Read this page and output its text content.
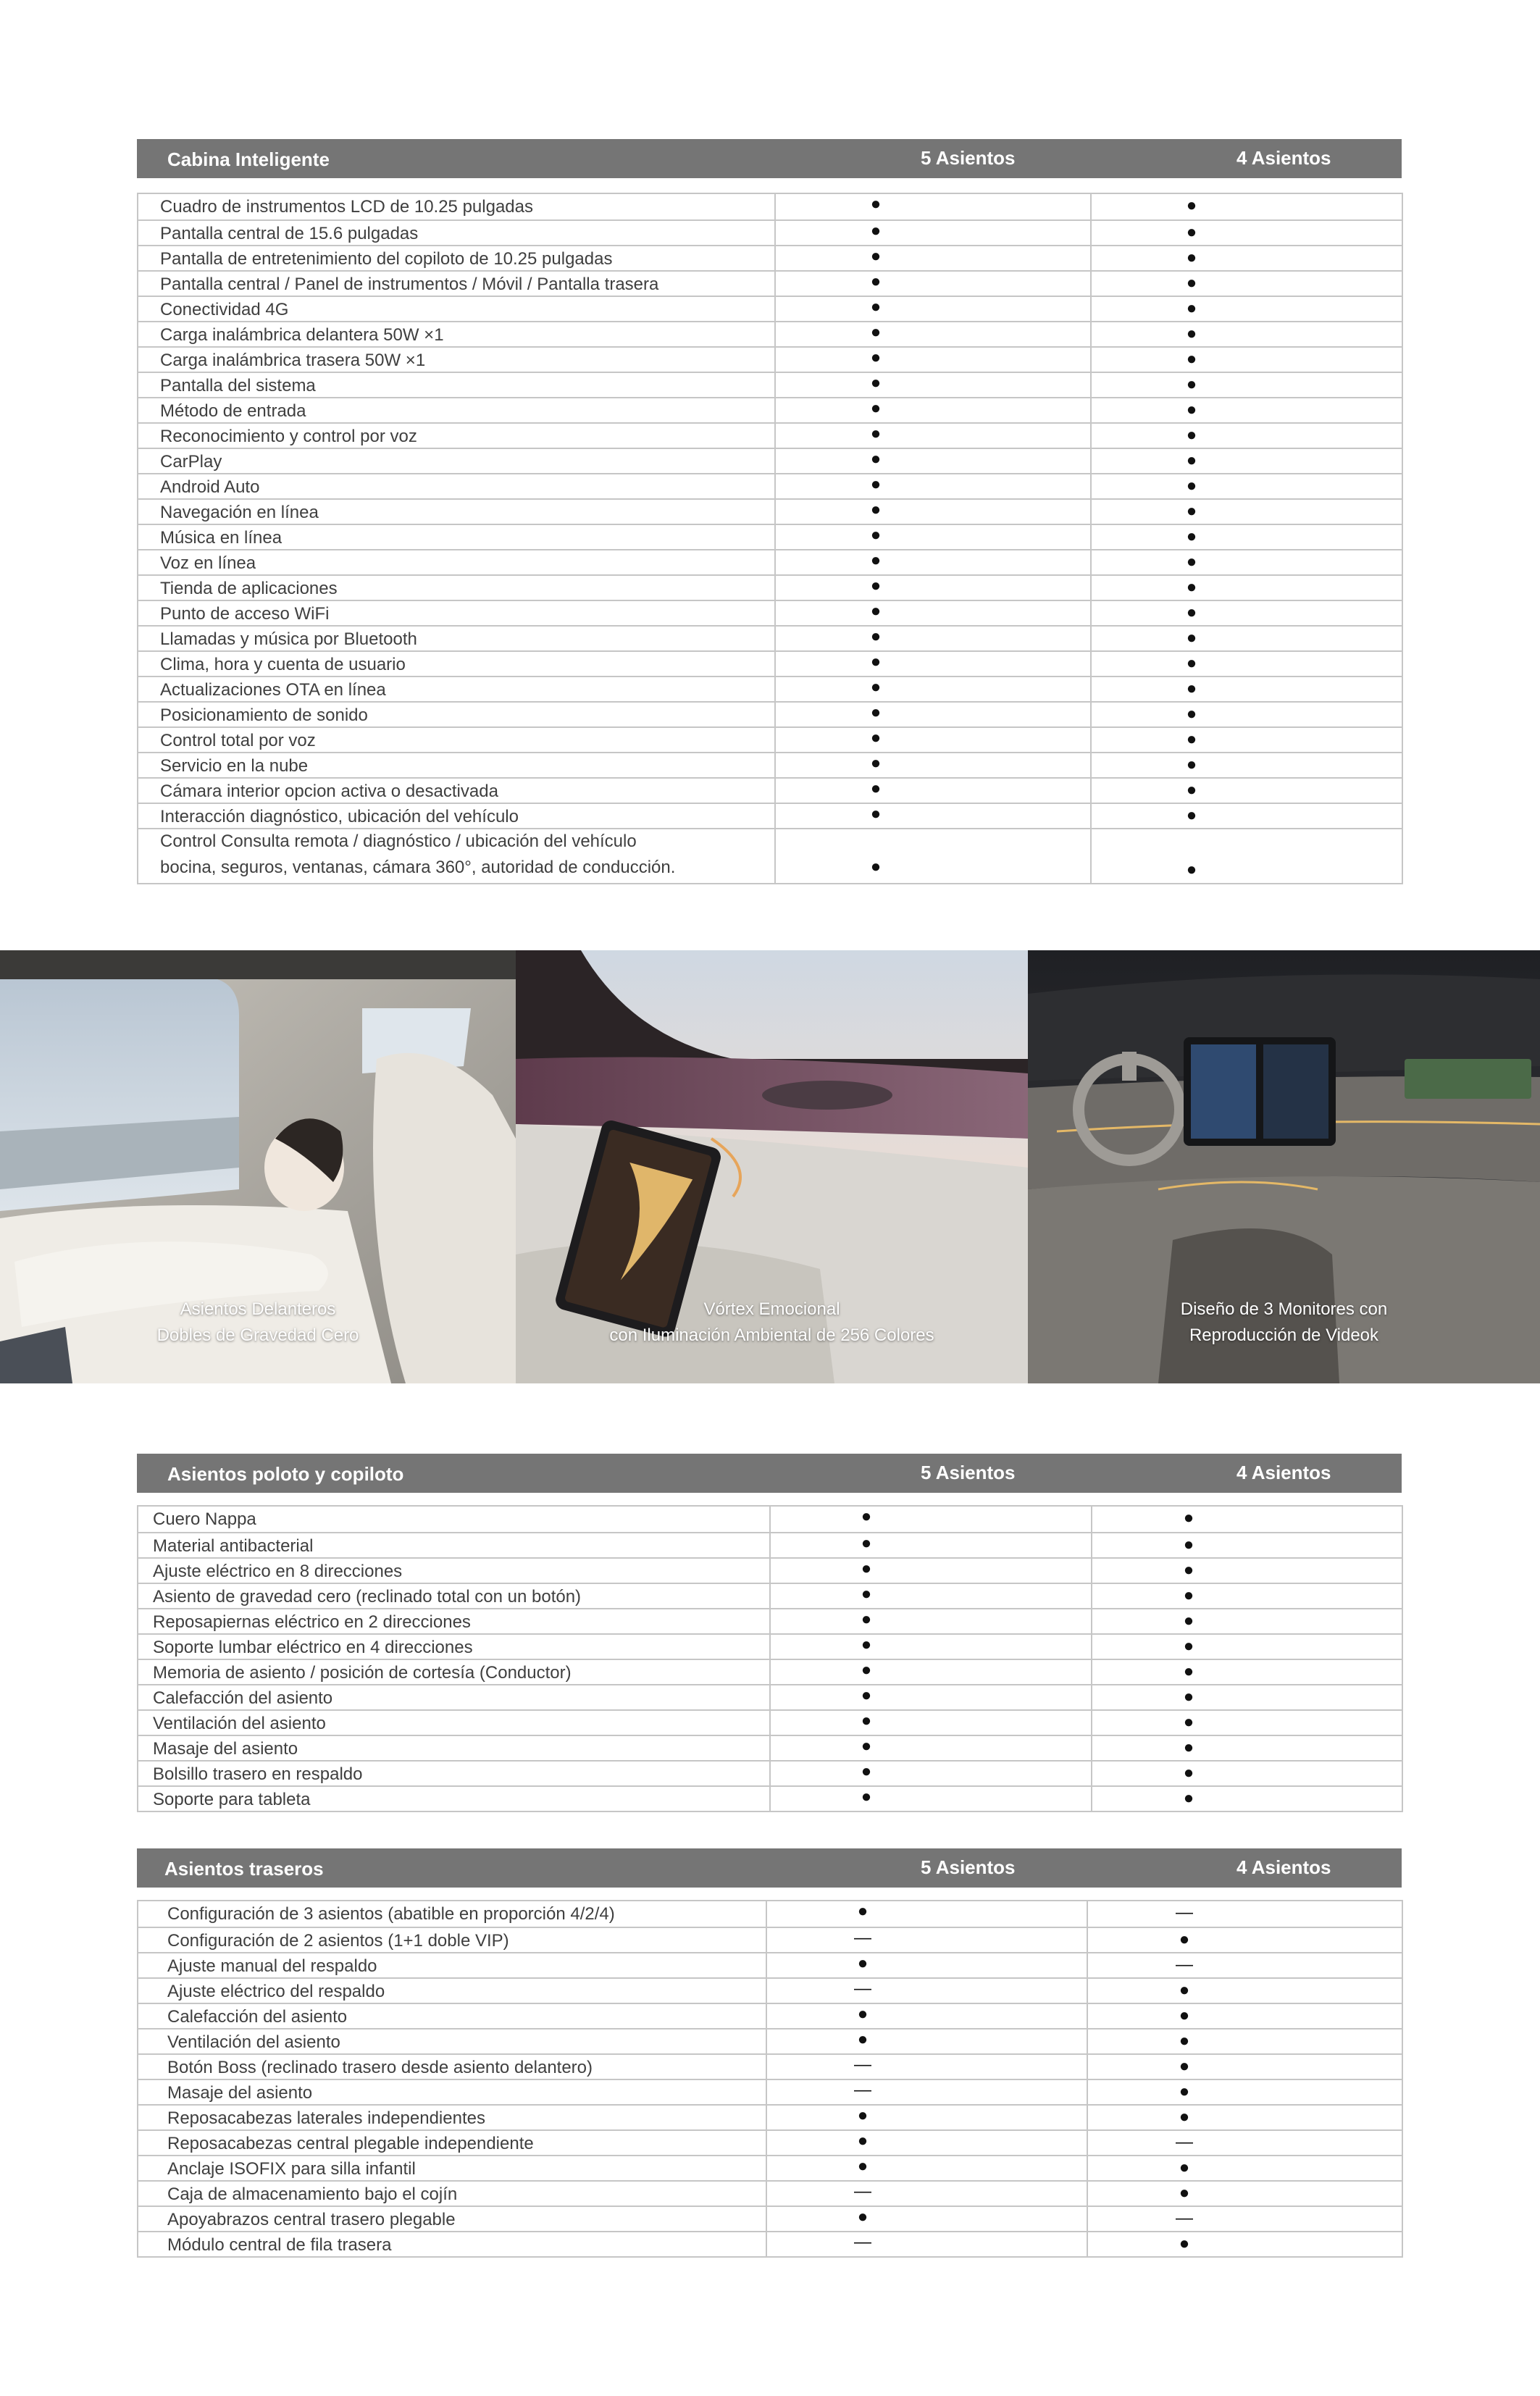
Cabina Inteligente	5 Asientos	4 Asientos
Cuadro de instrumentos LCD de 10.25 pulgadas	●	●
Pantalla central de 15.6 pulgadas	●	●
Pantalla de entretenimiento del copiloto de 10.25 pulgadas	●	●
Pantalla central / Panel de instrumentos / Móvil / Pantalla trasera	●	●
Conectividad 4G	●	●
Carga inalámbrica delantera 50W ×1	●	●
Carga inalámbrica trasera 50W ×1	●	●
Pantalla del sistema	●	●
Método de entrada	●	●
Reconocimiento y control por voz	●	●
CarPlay	●	●
Android Auto	●	●
Navegación en línea	●	●
Música en línea	●	●
Voz en línea	●	●
Tienda de aplicaciones	●	●
Punto de acceso WiFi	●	●
Llamadas y música por Bluetooth	●	●
Clima, hora y cuenta de usuario	●	●
Actualizaciones OTA en línea	●	●
Posicionamiento de sonido	●	●
Control total por voz	●	●
Servicio en la nube	●	●
Cámara interior opcion activa o desactivada	●	●
Interacción diagnóstico, ubicación del vehículo	●	●
Control Consulta remota / diagnóstico / ubicación del vehículo
bocina, seguros, ventanas, cámara 360°, autoridad de conducción.	●	●
Asientos Delanteros
Dobles de Gravedad Cero
Vórtex Emocional
con Iluminación Ambiental de 256 Colores
Diseño de 3 Monitores con
Reproducción de Videok
Asientos poloto y copiloto	5 Asientos	4 Asientos
Cuero Nappa	●	●
Material antibacterial	●	●
Ajuste eléctrico en 8 direcciones	●	●
Asiento de gravedad cero (reclinado total con un botón)	●	●
Reposapiernas eléctrico en 2 direcciones	●	●
Soporte lumbar eléctrico en 4 direcciones	●	●
Memoria de asiento / posición de cortesía (Conductor)	●	●
Calefacción del asiento	●	●
Ventilación del asiento	●	●
Masaje del asiento	●	●
Bolsillo trasero en respaldo	●	●
Soporte para tableta	●	●
Asientos traseros	5 Asientos	4 Asientos
Configuración de 3 asientos (abatible en proporción 4/2/4)	●	—
Configuración de 2 asientos (1+1 doble VIP)	—	●
Ajuste manual del respaldo	●	—
Ajuste eléctrico del respaldo	—	●
Calefacción del asiento	●	●
Ventilación del asiento	●	●
Botón Boss (reclinado trasero desde asiento delantero)	—	●
Masaje del asiento	—	●
Reposacabezas laterales independientes	●	●
Reposacabezas central plegable independiente	●	—
Anclaje ISOFIX para silla infantil	●	●
Caja de almacenamiento bajo el cojín	—	●
Apoyabrazos central trasero plegable	●	—
Módulo central de fila trasera	—	●
